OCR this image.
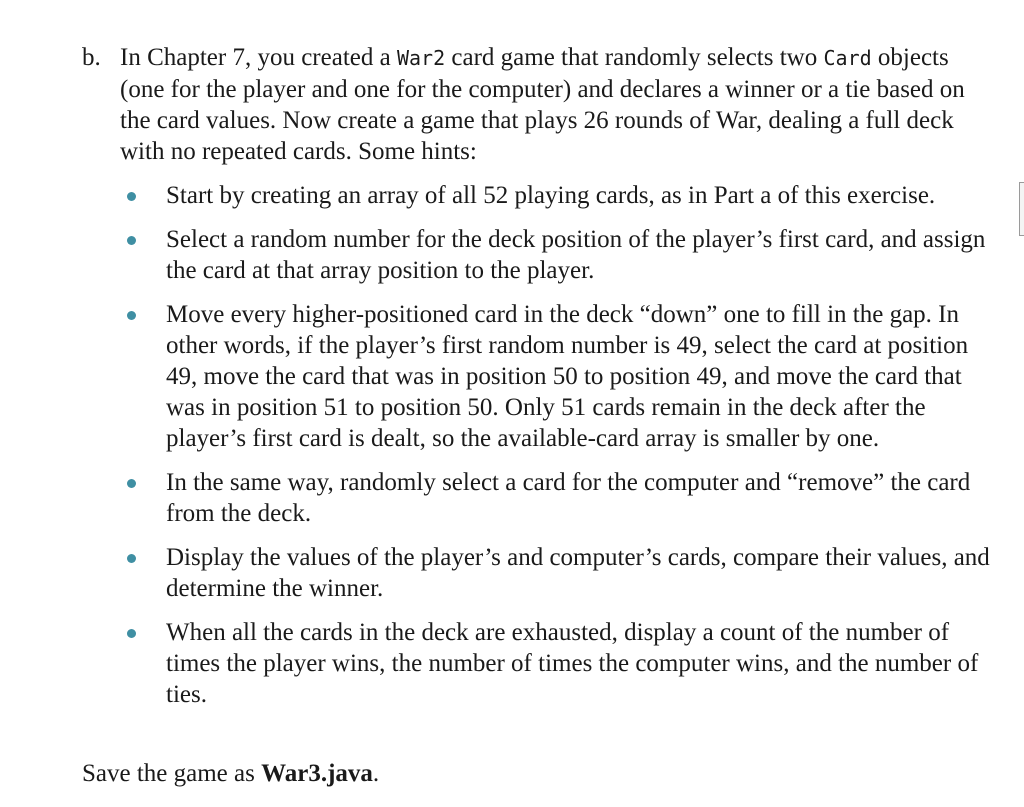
b. In Chapter 7, you created a War2 card game that randomly selects two Card objects (one for the player and one for the computer) and declares a winner or a tie based on the card values. Now create a game that plays 26 rounds of War, dealing a full deck with no repeated cards. Some hints:
Start by creating an array of all 52 playing cards, as in Part a of this exercise.
Select a random number for the deck position of the player’s first card, and assign the card at that array position to the player.
Move every higher-positioned card in the deck “down” one to fill in the gap. In other words, if the player’s first random number is 49, select the card at position 49, move the card that was in position 50 to position 49, and move the card that was in position 51 to position 50. Only 51 cards remain in the deck after the player’s first card is dealt, so the available-card array is smaller by one.
In the same way, randomly select a card for the computer and “remove” the card from the deck.
Display the values of the player’s and computer’s cards, compare their values, and determine the winner.
When all the cards in the deck are exhausted, display a count of the number of times the player wins, the number of times the computer wins, and the number of ties.
Save the game as War3.java.
